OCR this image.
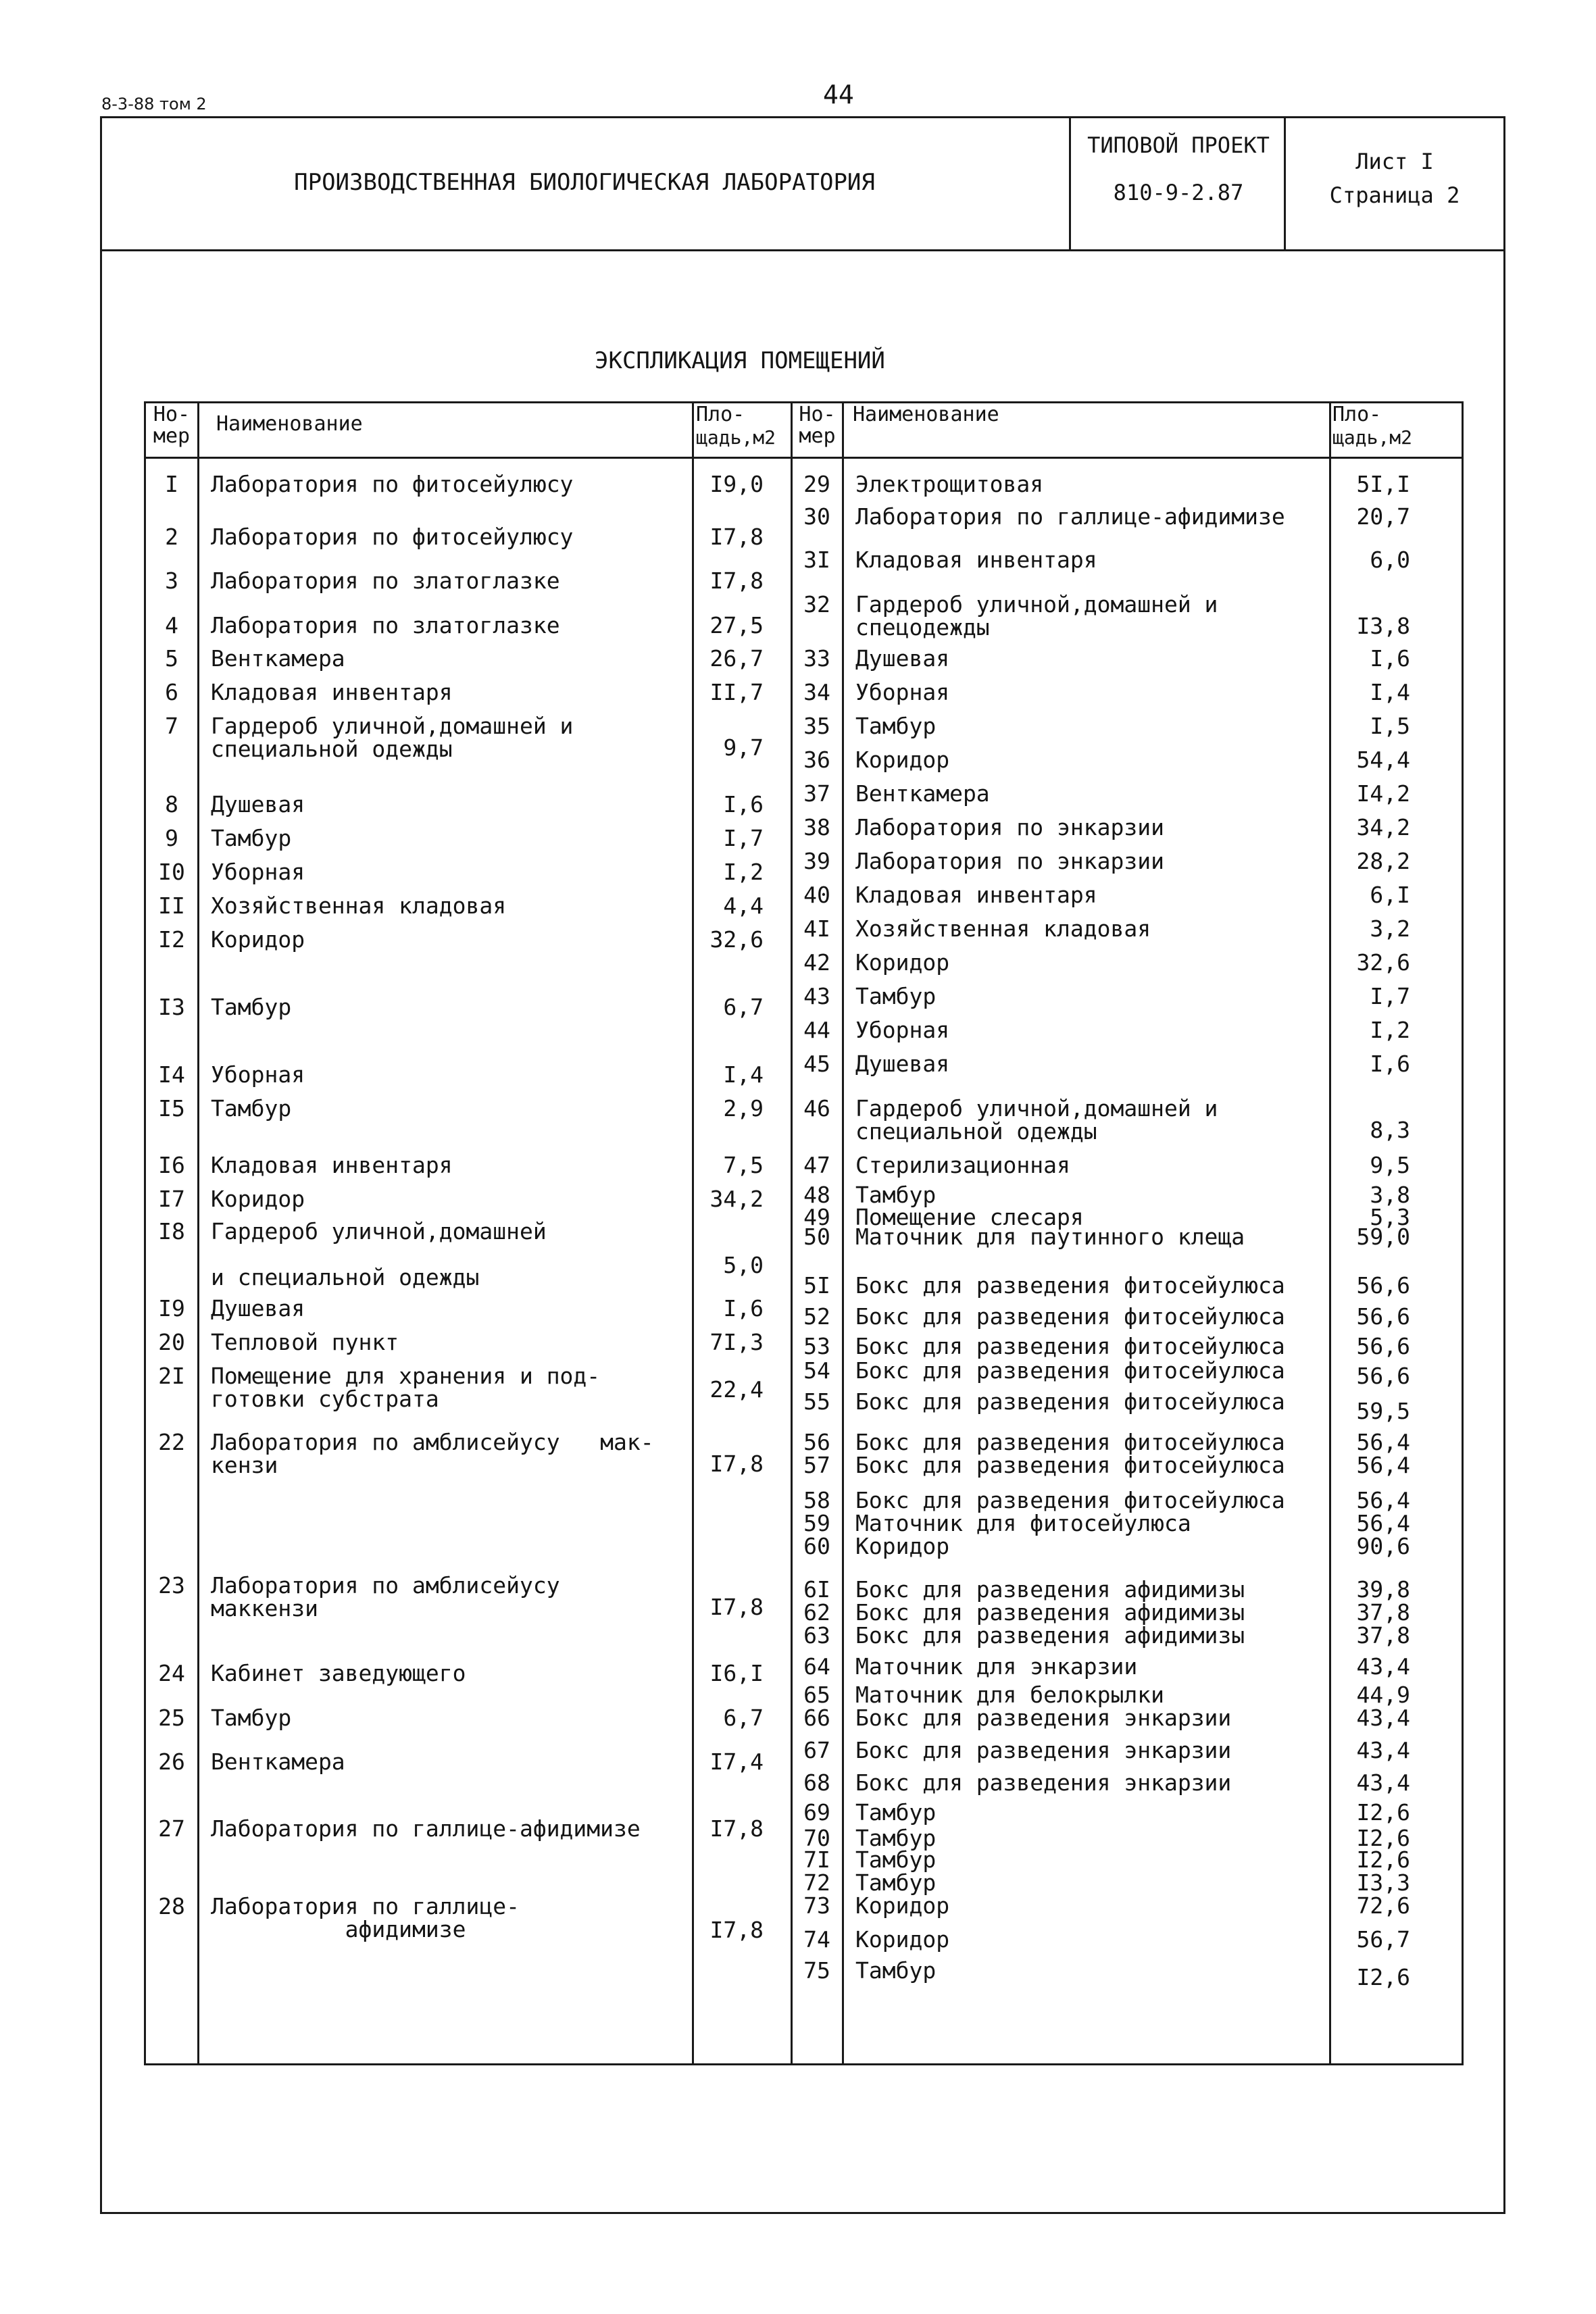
8-3-88 том 2	44
ПРОИЗВОДСТВЕННАЯ БИОЛОГИЧЕСКАЯ ЛАБОРАТОРИЯ
ТИПОВОЙ ПРОЕКТ
810-9-2.87
Лист I
Страница 2
ЭКСПЛИКАЦИЯ ПОМЕЩЕНИЙ
Но-
мер
Наименование	Пло-
щадь,м2
Но-
мер
Наименование	Пло-
щадь,м2
I	Лаборатория по фитосейулюсу	I9,0
2	Лаборатория по фитосейулюсу	I7,8
3	Лаборатория по златоглазке	I7,8
4	Лаборатория по златоглазке	27,5
5	Венткамера	26,7
6	Кладовая инвентаря	II,7
7	Гардероб уличной,домашней и
специальной одежды	9,7
8	Душевая	I,6
9	Тамбур	I,7
I0	Уборная	I,2
II	Хозяйственная кладовая	4,4
I2	Коридор	32,6
I3	Тамбур	6,7
I4	Уборная	I,4
I5	Тамбур	2,9
I6	Кладовая инвентаря	7,5
I7	Коридор	34,2
I8	Гардероб уличной,домашней

и специальной одежды	5,0
I9	Душевая	I,6
20	Тепловой пункт	7I,3
2I	Помещение для хранения и под-
готовки субстрата	22,4
22	Лаборатория по амблисейусу   мак-
кензи	I7,8
23	Лаборатория по амблисейусу
маккензи	I7,8
24	Кабинет заведующего	I6,I
25	Тамбур	6,7
26	Венткамера	I7,4
27	Лаборатория по галлице-афидимизе	I7,8
28	Лаборатория по галлице-
афидимизе	I7,8
29	Электрощитовая	5I,I
30	Лаборатория по галлице-афидимизе	20,7
3I	Кладовая инвентаря	6,0
32	Гардероб уличной,домашней и
спецодежды	I3,8
33	Душевая	I,6
34	Уборная	I,4
35	Тамбур	I,5
36	Коридор	54,4
37	Венткамера	I4,2
38	Лаборатория по энкарзии	34,2
39	Лаборатория по энкарзии	28,2
40	Кладовая инвентаря	6,I
4I	Хозяйственная кладовая	3,2
42	Коридор	32,6
43	Тамбур	I,7
44	Уборная	I,2
45	Душевая	I,6
46	Гардероб уличной,домашней и
специальной одежды	8,3
47	Стерилизационная	9,5
48	Тамбур	3,8
49	Помещение слесаря	5,3
50	Маточник для паутинного клеща	59,0
5I	Бокс для разведения фитосейулюса	56,6
52	Бокс для разведения фитосейулюса	56,6
53	Бокс для разведения фитосейулюса	56,6
54	Бокс для разведения фитосейулюса	56,6
55	Бокс для разведения фитосейулюса	59,5
56	Бокс для разведения фитосейулюса	56,4
57	Бокс для разведения фитосейулюса	56,4
58	Бокс для разведения фитосейулюса	56,4
59	Маточник для фитосейулюса	56,4
60	Коридор	90,6
6I	Бокс для разведения афидимизы	39,8
62	Бокс для разведения афидимизы	37,8
63	Бокс для разведения афидимизы	37,8
64	Маточник для энкарзии	43,4
65	Маточник для белокрылки	44,9
66	Бокс для разведения энкарзии	43,4
67	Бокс для разведения энкарзии	43,4
68	Бокс для разведения энкарзии	43,4
69	Тамбур	I2,6
70	Тамбур	I2,6
7I	Тамбур	I2,6
72	Тамбур	I3,3
73	Коридор	72,6
74	Коридор	56,7
75	Тамбур	I2,6
